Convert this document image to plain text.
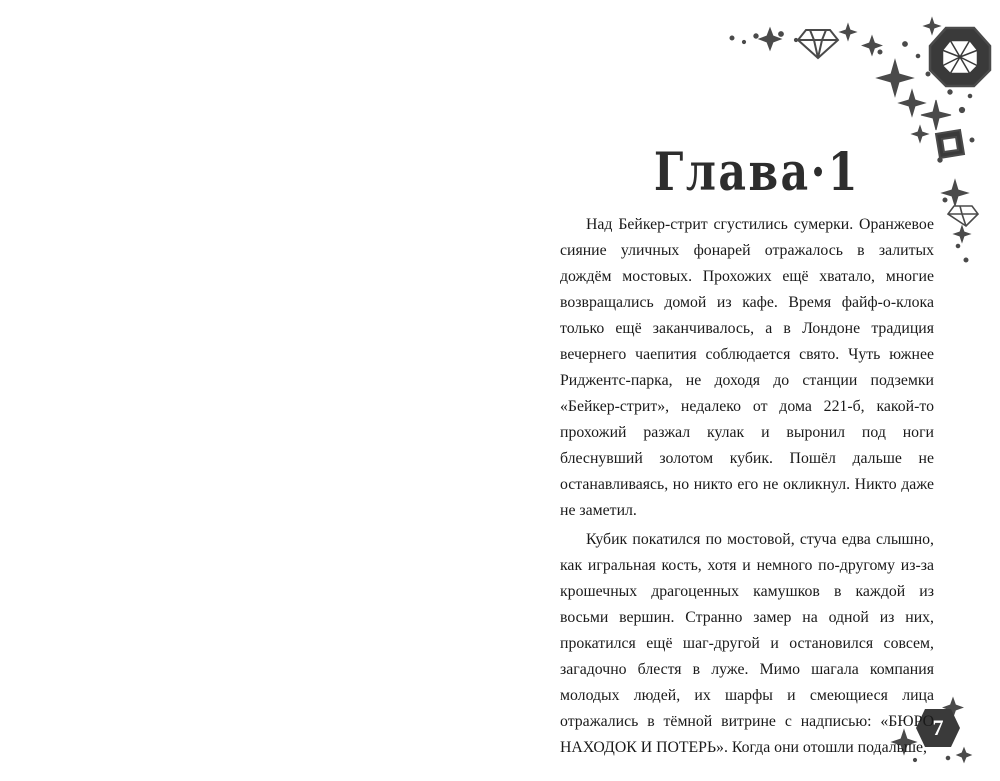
7
Глава·1

Над Бейкер-стрит сгустились сумерки. Оранжевое сияние уличных фонарей отражалось в залитых дождём мостовых. Прохожих ещё хватало, многие возвращались домой из кафе. Время файф-о-клока только ещё заканчивалось, а в Лондоне традиция вечернего чаепития соблюдается свято. Чуть южнее Риджентс-парка, не доходя до станции подземки «Бейкер-стрит», недалеко от дома 221-б, какой-то прохожий разжал кулак и выронил под ноги блеснувший золотом кубик. Пошёл дальше не останавливаясь, но никто его не окликнул. Никто даже не заметил.

Кубик покатился по мостовой, стуча едва слышно, как игральная кость, хотя и немного по-другому из-за крошечных драгоценных камушков в каждой из восьми вершин. Странно замер на одной из них, прокатился ещё шаг-другой и остановился совсем, загадочно блестя в луже. Мимо шагала компания молодых людей, их шарфы и смеющиеся лица отражались в тёмной витрине с надписью: «БЮРО НАХОДОК И ПОТЕРЬ». Когда они отошли подальше,
